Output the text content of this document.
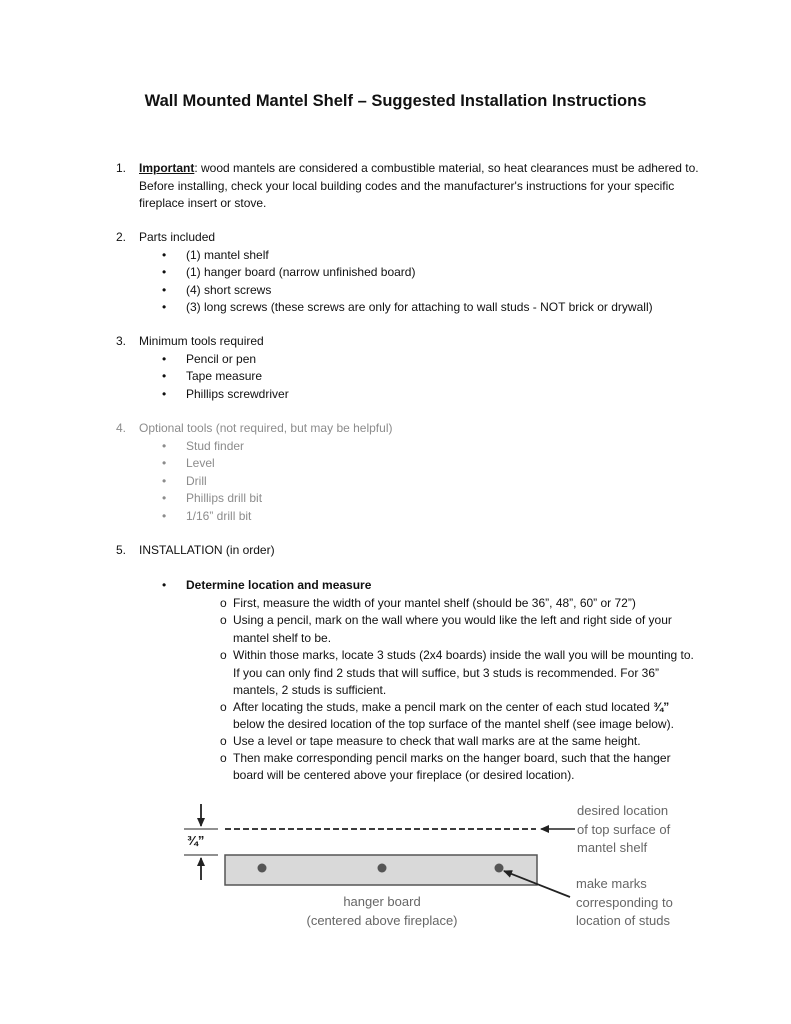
Wall Mounted Mantel Shelf – Suggested Installation Instructions
1. Important: wood mantels are considered a combustible material, so heat clearances must be adhered to.
Before installing, check your local building codes and the manufacturer's instructions for your specific
fireplace insert or stove.
2. Parts included
• (1) mantel shelf
• (1) hanger board (narrow unfinished board)
• (4) short screws
• (3) long screws (these screws are only for attaching to wall studs - NOT brick or drywall)
3. Minimum tools required
• Pencil or pen
• Tape measure
• Phillips screwdriver
4. Optional tools (not required, but may be helpful)
• Stud finder
• Level
• Drill
• Phillips drill bit
• 1/16” drill bit
5. INSTALLATION (in order)
• Determine location and measure
o First, measure the width of your mantel shelf (should be 36”, 48”, 60” or 72”)
o Using a pencil, mark on the wall where you would like the left and right side of your
mantel shelf to be.
o Within those marks, locate 3 studs (2x4 boards) inside the wall you will be mounting to.
If you can only find 2 studs that will suffice, but 3 studs is recommended. For 36”
mantels, 2 studs is sufficient.
o After locating the studs, make a pencil mark on the center of each stud located ¾”
below the desired location of the top surface of the mantel shelf (see image below).
o Use a level or tape measure to check that wall marks are at the same height.
o Then make corresponding pencil marks on the hanger board, such that the hanger
board will be centered above your fireplace (or desired location).
¾”
desired location
of top surface of
mantel shelf
make marks
corresponding to
location of studs
hanger board
(centered above fireplace)
